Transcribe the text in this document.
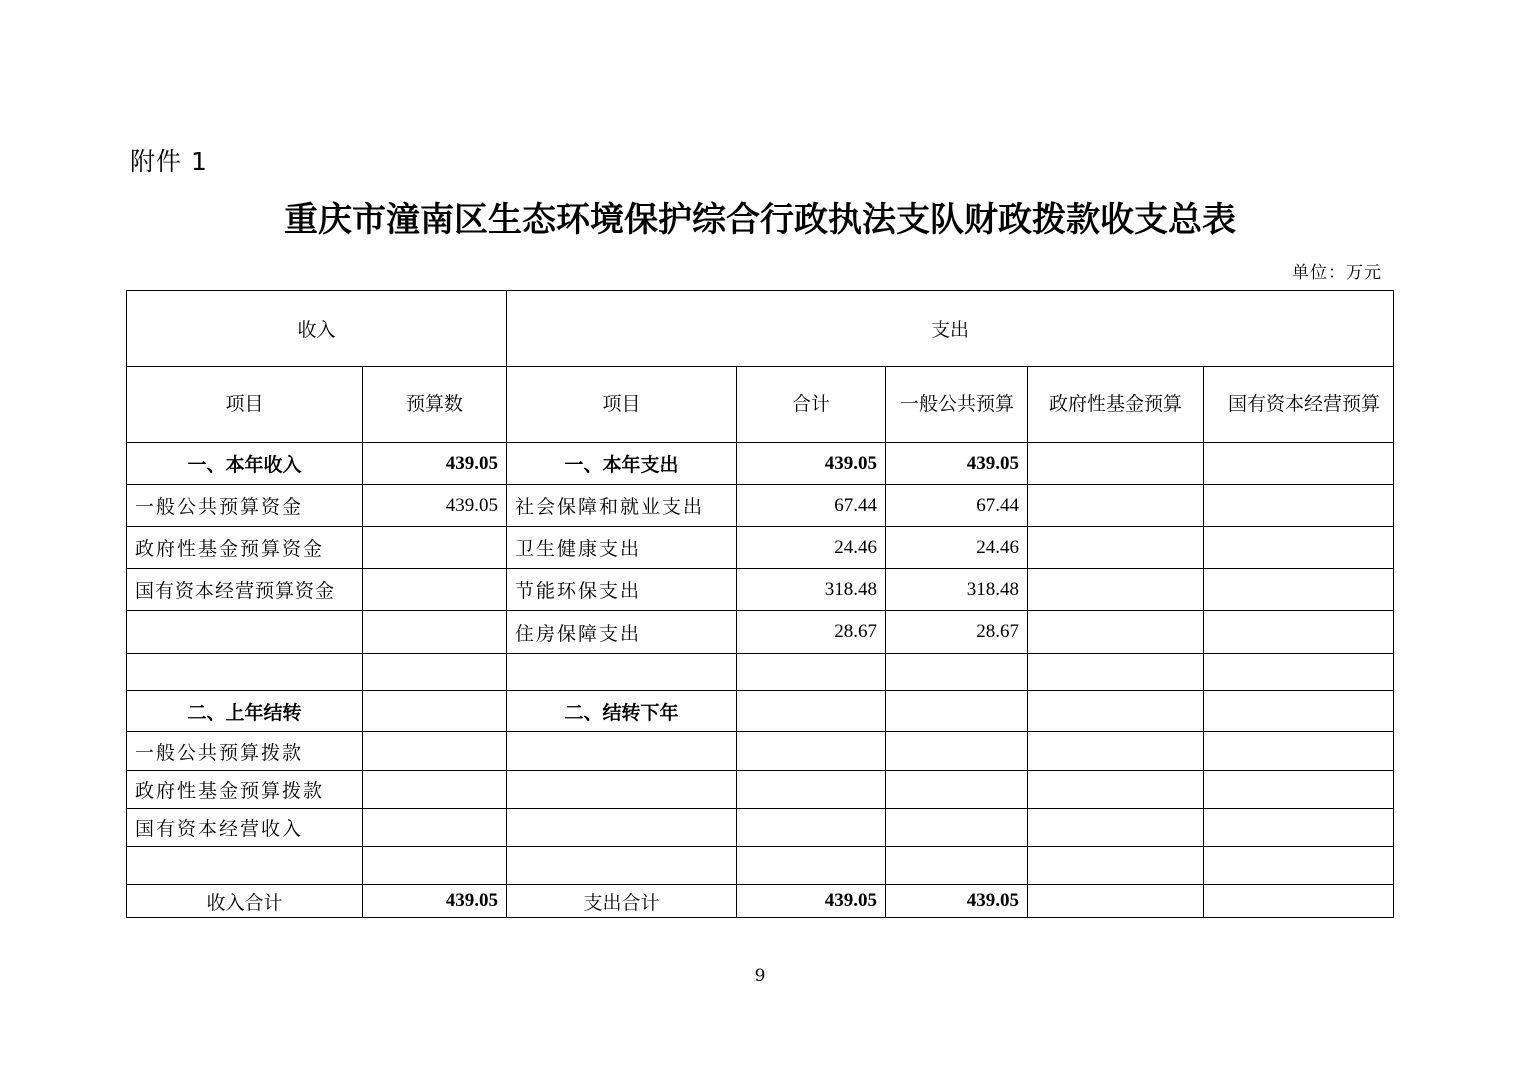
附件 1
重庆市潼南区生态环境保护综合行政执法支队财政拨款收支总表
单位：万元
收入		支出				
项目	预算数	项目	合计	一般公共预算	政府性基金预算	国有资本经营预算
一、本年收入	439.05	一、本年支出	439.05	439.05		
一般公共预算资金	439.05	社会保障和就业支出	67.44	67.44		
政府性基金预算资金		卫生健康支出	24.46	24.46		
国有资本经营预算资金		节能环保支出	318.48	318.48		
		住房保障支出	28.67	28.67		

二、上年结转		二、结转下年				
一般公共预算拨款						
政府性基金预算拨款						
国有资本经营收入						

收入合计	439.05	支出合计	439.05	439.05		
9
